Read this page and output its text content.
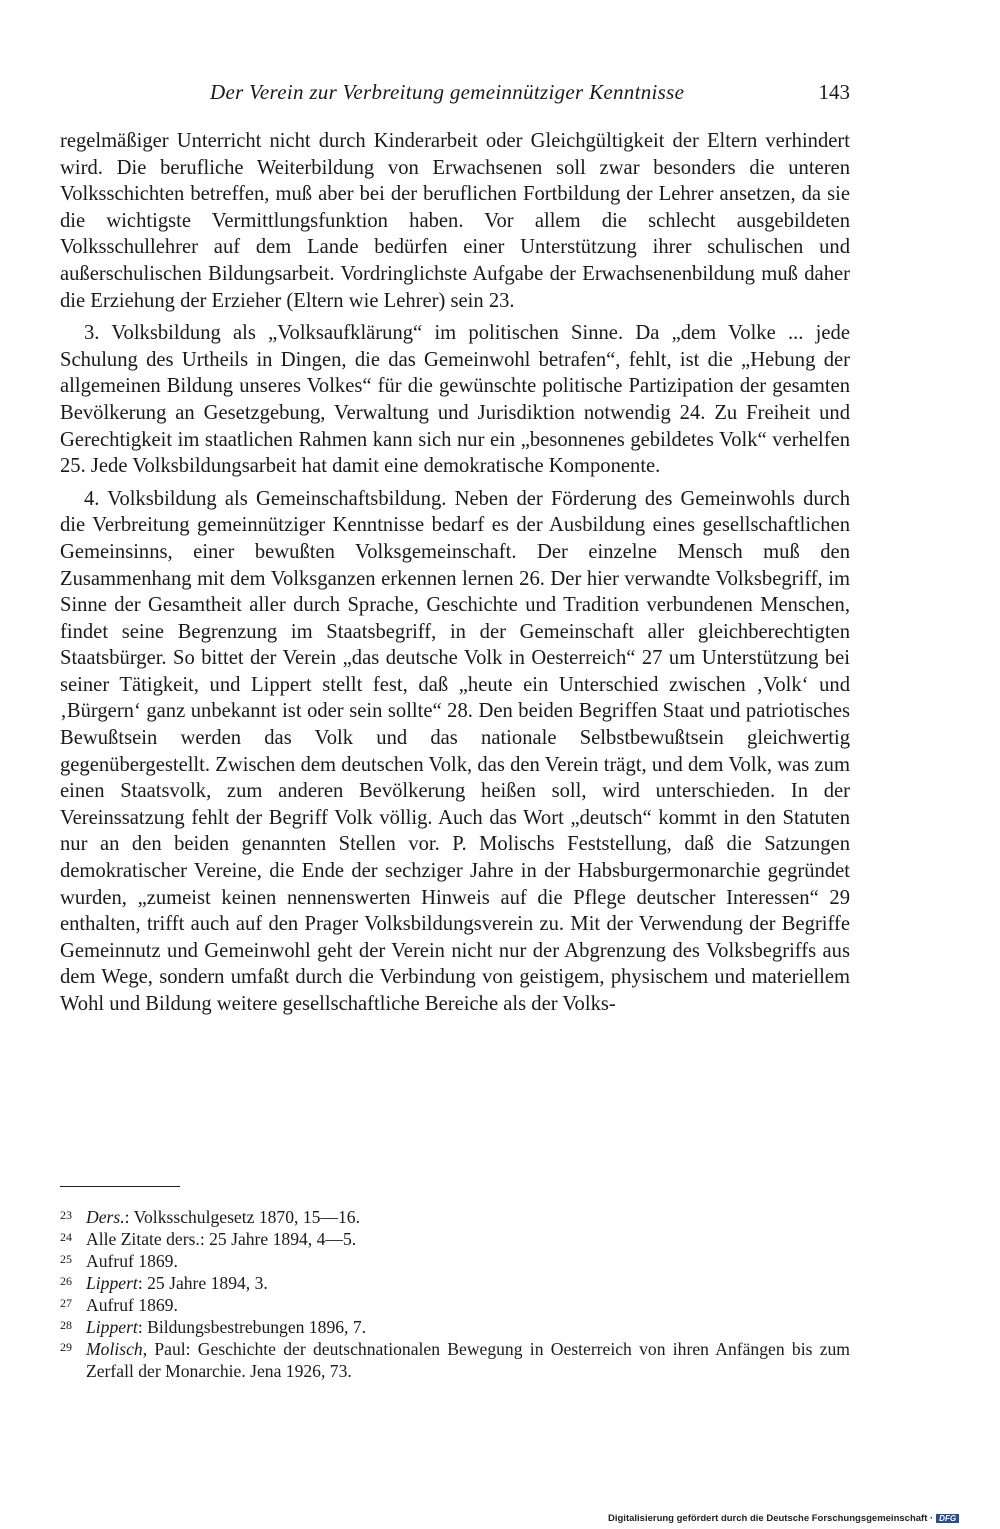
Der Verein zur Verbreitung gemeinnütziger Kenntnisse	143

regelmäßiger Unterricht nicht durch Kinderarbeit oder Gleichgültigkeit der Eltern verhindert wird. Die berufliche Weiterbildung von Erwachsenen soll zwar besonders die unteren Volksschichten betreffen, muß aber bei der beruflichen Fortbildung der Lehrer ansetzen, da sie die wichtigste Vermittlungsfunktion haben. Vor allem die schlecht ausgebildeten Volksschullehrer auf dem Lande bedürfen einer Unterstützung ihrer schulischen und außerschulischen Bildungsarbeit. Vordringlichste Aufgabe der Erwachsenenbildung muß daher die Erziehung der Erzieher (Eltern wie Lehrer) sein 23.

3. Volksbildung als „Volksaufklärung“ im politischen Sinne. Da „dem Volke ... jede Schulung des Urtheils in Dingen, die das Gemeinwohl betrafen“, fehlt, ist die „Hebung der allgemeinen Bildung unseres Volkes“ für die gewünschte politische Partizipation der gesamten Bevölkerung an Gesetzgebung, Verwaltung und Jurisdiktion notwendig 24. Zu Freiheit und Gerechtigkeit im staatlichen Rahmen kann sich nur ein „besonnenes gebildetes Volk“ verhelfen 25. Jede Volksbildungsarbeit hat damit eine demokratische Komponente.

4. Volksbildung als Gemeinschaftsbildung. Neben der Förderung des Gemeinwohls durch die Verbreitung gemeinnütziger Kenntnisse bedarf es der Ausbildung eines gesellschaftlichen Gemeinsinns, einer bewußten Volksgemeinschaft. Der einzelne Mensch muß den Zusammenhang mit dem Volksganzen erkennen lernen 26. Der hier verwandte Volksbegriff, im Sinne der Gesamtheit aller durch Sprache, Geschichte und Tradition verbundenen Menschen, findet seine Begrenzung im Staatsbegriff, in der Gemeinschaft aller gleichberechtigten Staatsbürger. So bittet der Verein „das deutsche Volk in Oesterreich“ 27 um Unterstützung bei seiner Tätigkeit, und Lippert stellt fest, daß „heute ein Unterschied zwischen ‚Volk‘ und ‚Bürgern‘ ganz unbekannt ist oder sein sollte“ 28. Den beiden Begriffen Staat und patriotisches Bewußtsein werden das Volk und das nationale Selbstbewußtsein gleichwertig gegenübergestellt. Zwischen dem deutschen Volk, das den Verein trägt, und dem Volk, was zum einen Staatsvolk, zum anderen Bevölkerung heißen soll, wird unterschieden. In der Vereinssatzung fehlt der Begriff Volk völlig. Auch das Wort „deutsch“ kommt in den Statuten nur an den beiden genannten Stellen vor. P. Molischs Feststellung, daß die Satzungen demokratischer Vereine, die Ende der sechziger Jahre in der Habsburgermonarchie gegründet wurden, „zumeist keinen nennenswerten Hinweis auf die Pflege deutscher Interessen“ 29 enthalten, trifft auch auf den Prager Volksbildungsverein zu. Mit der Verwendung der Begriffe Gemeinnutz und Gemeinwohl geht der Verein nicht nur der Abgrenzung des Volksbegriffs aus dem Wege, sondern umfaßt durch die Verbindung von geistigem, physischem und materiellem Wohl und Bildung weitere gesellschaftliche Bereiche als der Volks-

23 Ders.: Volksschulgesetz 1870, 15—16.
24 Alle Zitate ders.: 25 Jahre 1894, 4—5.
25 Aufruf 1869.
26 Lippert: 25 Jahre 1894, 3.
27 Aufruf 1869.
28 Lippert: Bildungsbestrebungen 1896, 7.
29 Molisch, Paul: Geschichte der deutschnationalen Bewegung in Oesterreich von ihren Anfängen bis zum Zerfall der Monarchie. Jena 1926, 73.
Digitalisierung gefördert durch die Deutsche Forschungsgemeinschaft · DFG
